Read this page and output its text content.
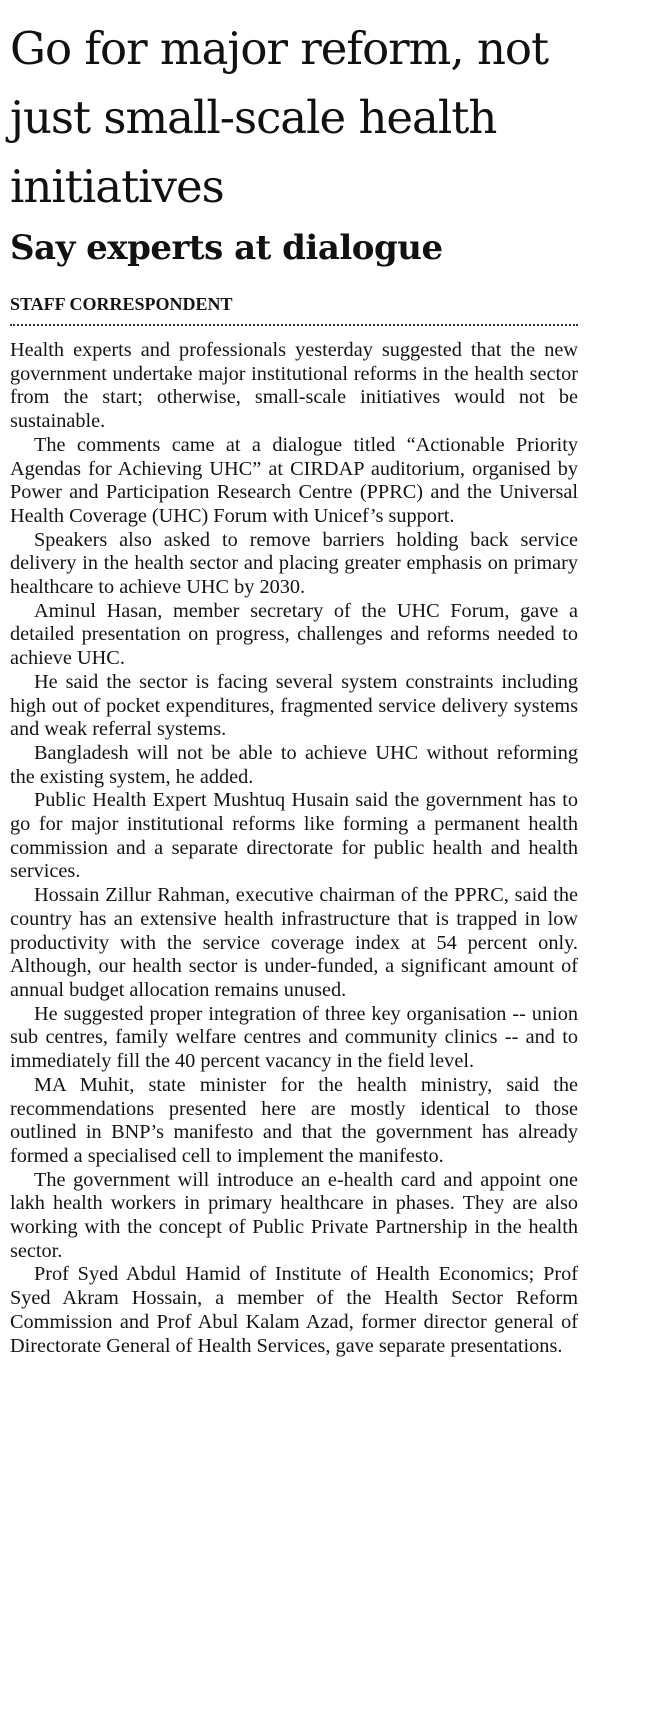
Go for major reform, not just small-scale health initiatives
Say experts at dialogue
STAFF CORRESPONDENT

Health experts and professionals yesterday suggested that the new government undertake major institutional reforms in the health sector from the start; otherwise, small-scale initiatives would not be sustainable.

The comments came at a dialogue titled “Actionable Priority Agendas for Achieving UHC” at CIRDAP auditorium, organised by Power and Participation Research Centre (PPRC) and the Universal Health Coverage (UHC) Forum with Unicef’s support.

Speakers also asked to remove barriers holding back service delivery in the health sector and placing greater emphasis on primary healthcare to achieve UHC by 2030.

Aminul Hasan, member secretary of the UHC Forum, gave a detailed presentation on progress, challenges and reforms needed to achieve UHC.

He said the sector is facing several system constraints including high out of pocket expenditures, fragmented service delivery systems and weak referral systems.

Bangladesh will not be able to achieve UHC without reforming the existing system, he added.

Public Health Expert Mushtuq Husain said the government has to go for major institutional reforms like forming a permanent health commission and a separate directorate for public health and health services.

Hossain Zillur Rahman, executive chairman of the PPRC, said the country has an extensive health infrastructure that is trapped in low productivity with the service coverage index at 54 percent only. Although, our health sector is under-funded, a significant amount of annual budget allocation remains unused.

He suggested proper integration of three key organisation -- union sub centres, family welfare centres and community clinics -- and to immediately fill the 40 percent vacancy in the field level.

MA Muhit, state minister for the health ministry, said the recommendations presented here are mostly identical to those outlined in BNP’s manifesto and that the government has already formed a specialised cell to implement the manifesto.

The government will introduce an e-health card and appoint one lakh health workers in primary healthcare in phases. They are also working with the concept of Public Private Partnership in the health sector.

Prof Syed Abdul Hamid of Institute of Health Economics; Prof Syed Akram Hossain, a member of the Health Sector Reform Commission and Prof Abul Kalam Azad, former director general of Directorate General of Health Services, gave separate presentations.
